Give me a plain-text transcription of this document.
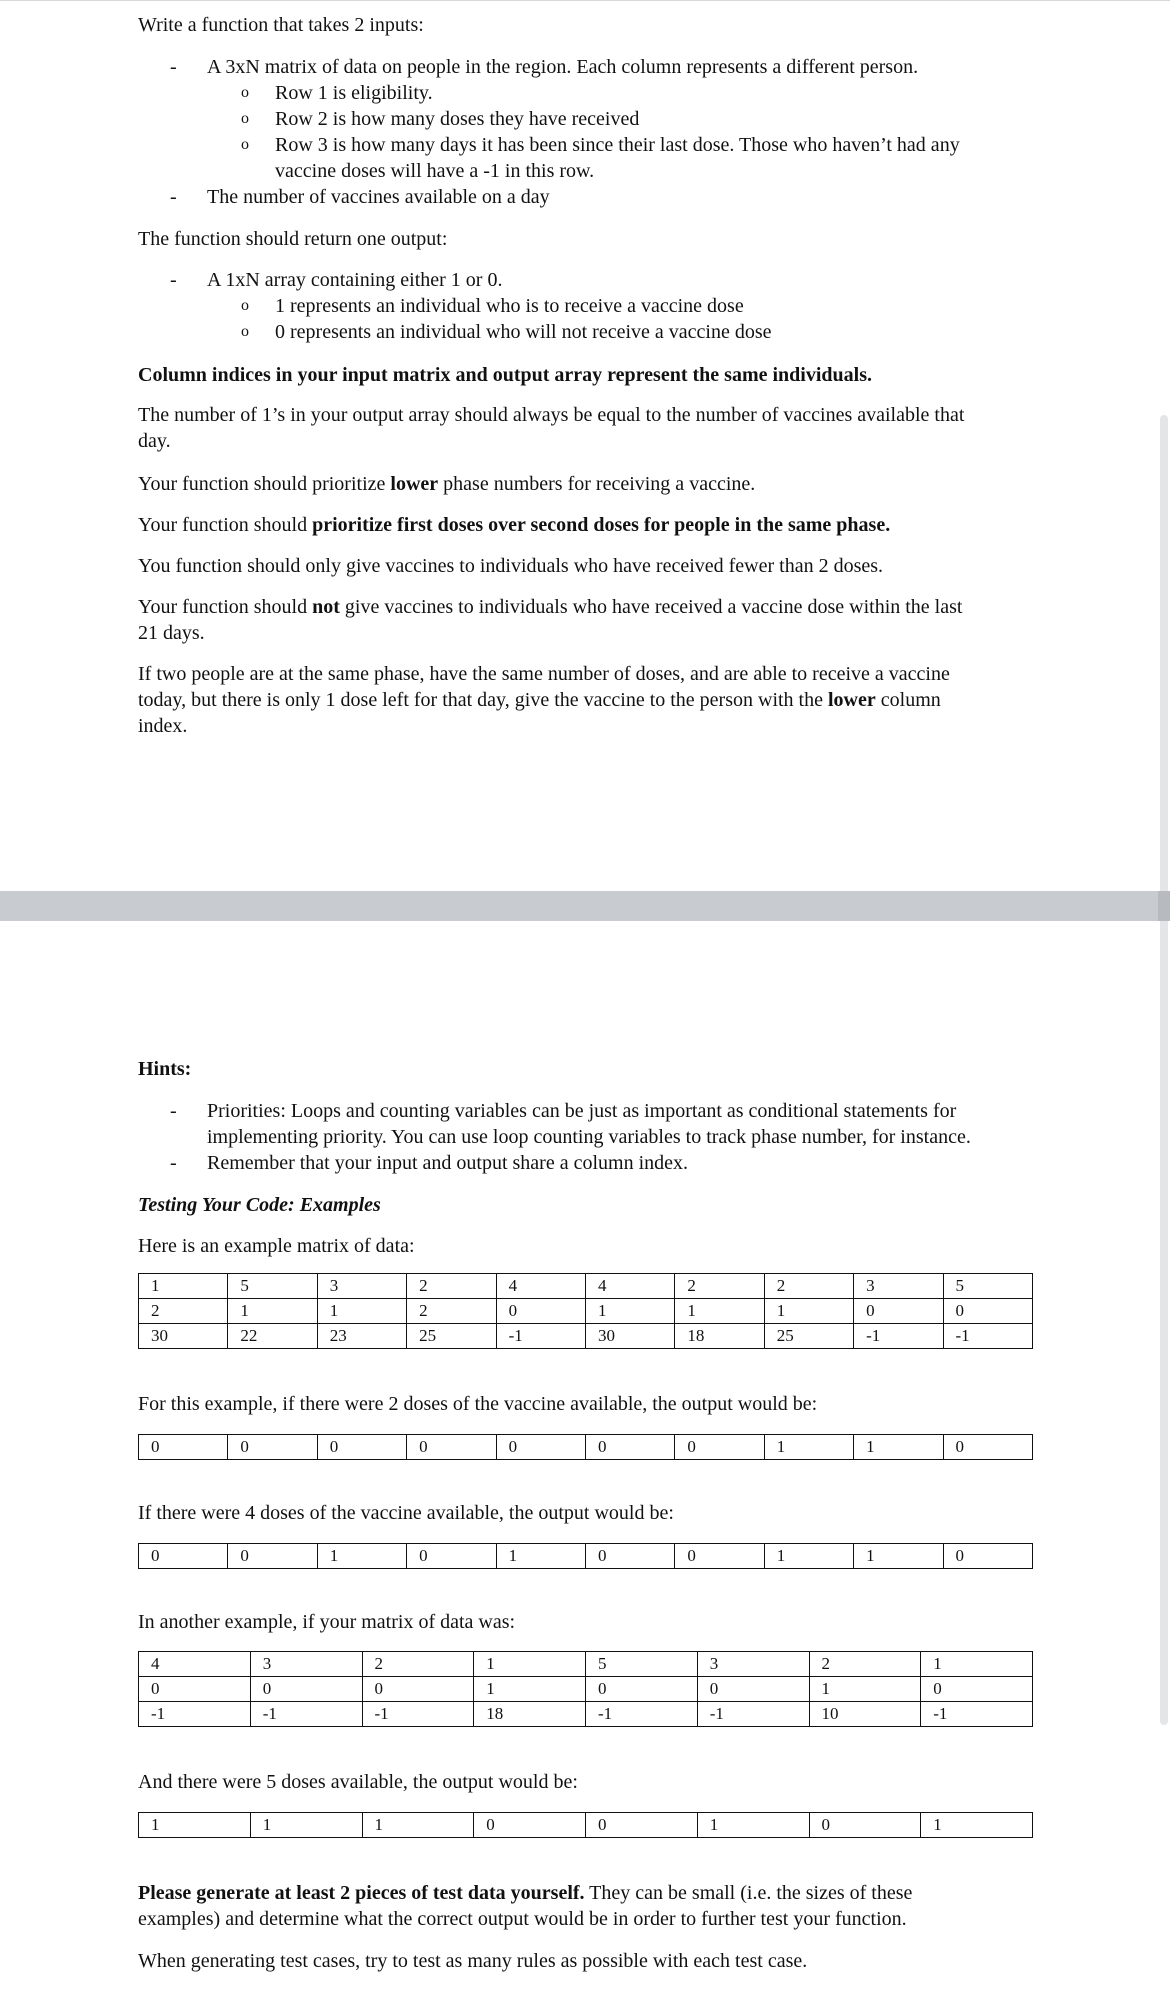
Write a function that takes 2 inputs:

- A 3xN matrix of data on people in the region. Each column represents a different person.

o Row 1 is eligibility.

o Row 2 is how many doses they have received

o Row 3 is how many days it has been since their last dose. Those who haven’t had any

vaccine doses will have a -1 in this row.

- The number of vaccines available on a day

The function should return one output:

- A 1xN array containing either 1 or 0.

o 1 represents an individual who is to receive a vaccine dose

o 0 represents an individual who will not receive a vaccine dose

Column indices in your input matrix and output array represent the same individuals.

The number of 1’s in your output array should always be equal to the number of vaccines available that

day.

Your function should prioritize lower phase numbers for receiving a vaccine.

Your function should prioritize first doses over second doses for people in the same phase.

You function should only give vaccines to individuals who have received fewer than 2 doses.

Your function should not give vaccines to individuals who have received a vaccine dose within the last

21 days.

If two people are at the same phase, have the same number of doses, and are able to receive a vaccine

today, but there is only 1 dose left for that day, give the vaccine to the person with the lower column

index.

Hints:

- Priorities: Loops and counting variables can be just as important as conditional statements for

implementing priority. You can use loop counting variables to track phase number, for instance.

- Remember that your input and output share a column index.

Testing Your Code: Examples

Here is an example matrix of data:

1	5	3	2	4	4	2	2	3	5
2	1	1	2	0	1	1	1	0	0
30	22	23	25	-1	30	18	25	-1	-1

For this example, if there were 2 doses of the vaccine available, the output would be:

0	0	0	0	0	0	0	1	1	0

If there were 4 doses of the vaccine available, the output would be:

0	0	1	0	1	0	0	1	1	0

In another example, if your matrix of data was:

4	3	2	1	5	3	2	1
0	0	0	1	0	0	1	0
-1	-1	-1	18	-1	-1	10	-1

And there were 5 doses available, the output would be:

1	1	1	0	0	1	0	1

Please generate at least 2 pieces of test data yourself. They can be small (i.e. the sizes of these

examples) and determine what the correct output would be in order to further test your function.

When generating test cases, try to test as many rules as possible with each test case.
